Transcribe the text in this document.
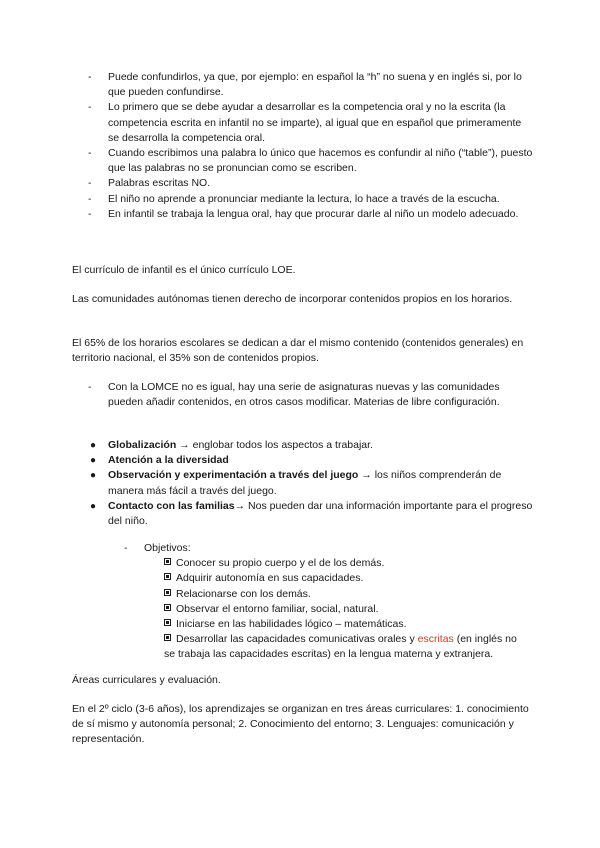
- Puede confundirlos, ya que, por ejemplo: en español la “h” no suena y en inglés si, por lo que pueden confundirse.
- Lo primero que se debe ayudar a desarrollar es la competencia oral y no la escrita (la competencia escrita en infantil no se imparte), al igual que en español que primeramente se desarrolla la competencia oral.
- Cuando escribimos una palabra lo único que hacemos es confundir al niño (“table”), puesto que las palabras no se pronuncian como se escriben.
- Palabras escritas NO.
- El niño no aprende a pronunciar mediante la lectura, lo hace a través de la escucha.
- En infantil se trabaja la lengua oral, hay que procurar darle al niño un modelo adecuado.

El currículo de infantil es el único currículo LOE.

Las comunidades autónomas tienen derecho de incorporar contenidos propios en los horarios.

El 65% de los horarios escolares se dedican a dar el mismo contenido (contenidos generales) en territorio nacional, el 35% son de contenidos propios.

- Con la LOMCE no es igual, hay una serie de asignaturas nuevas y las comunidades pueden añadir contenidos, en otros casos modificar. Materias de libre configuración.
● Globalización → englobar todos los aspectos a trabajar.
● Atención a la diversidad
● Observación y experimentación a través del juego → los niños comprenderán de manera más fácil a través del juego.
● Contacto con las familias→ Nos pueden dar una información importante para el progreso del niño.
- Objetivos:
Conocer su propio cuerpo y el de los demás.
Adquirir autonomía en sus capacidades.
Relacionarse con los demás.
Observar el entorno familiar, social, natural.
Iniciarse en las habilidades lógico – matemáticas.
Desarrollar las capacidades comunicativas orales y escritas (en inglés no se trabaja las capacidades escritas) en la lengua materna y extranjera.

Áreas curriculares y evaluación.

En el 2º ciclo (3-6 años), los aprendizajes se organizan en tres áreas curriculares: 1. conocimiento de sí mismo y autonomía personal; 2. Conocimiento del entorno; 3. Lenguajes: comunicación y representación.
